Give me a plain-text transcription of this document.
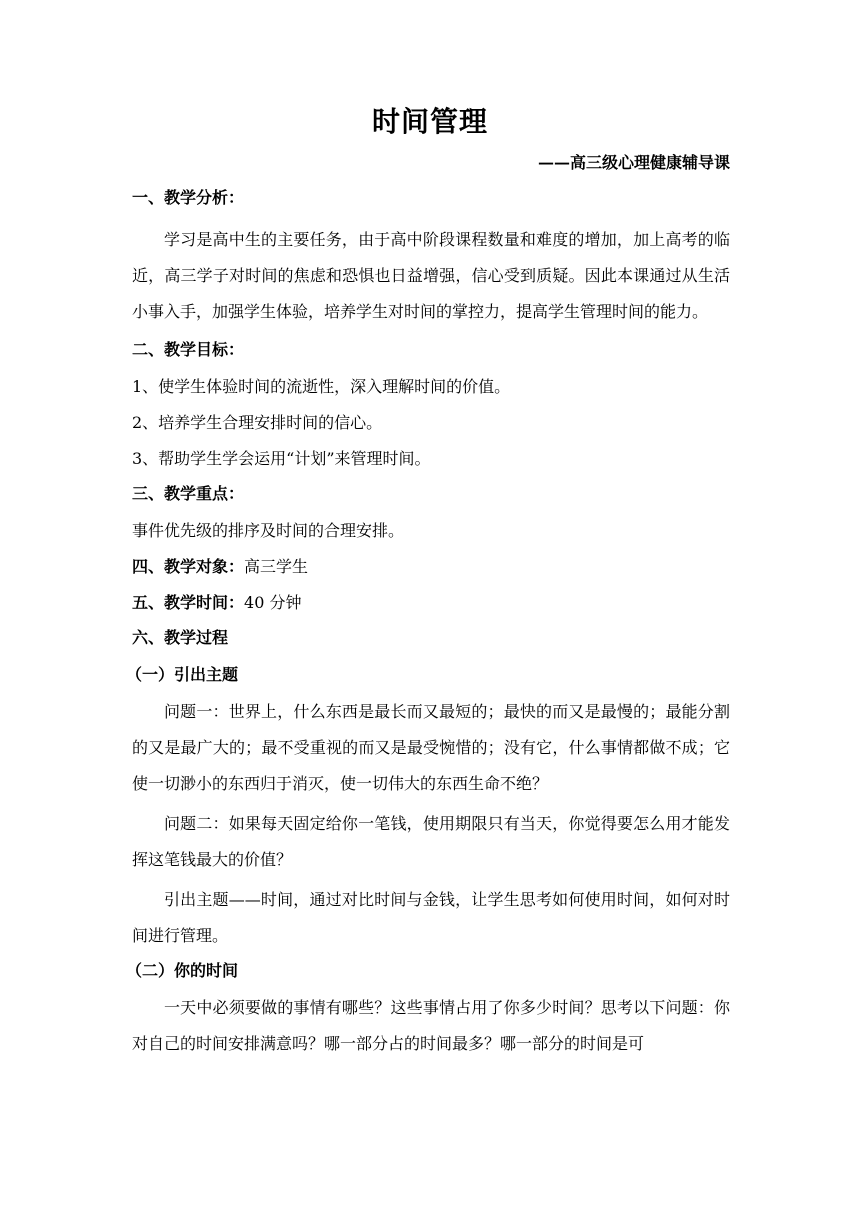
时间管理
——高三级心理健康辅导课
一、教学分析：
学习是高中生的主要任务，由于高中阶段课程数量和难度的增加，加上高考的临近，高三学子对时间的焦虑和恐惧也日益增强，信心受到质疑。因此本课通过从生活小事入手，加强学生体验，培养学生对时间的掌控力，提高学生管理时间的能力。
二、教学目标：
1、使学生体验时间的流逝性，深入理解时间的价值。
2、培养学生合理安排时间的信心。
3、帮助学生学会运用“计划”来管理时间。
三、教学重点：
事件优先级的排序及时间的合理安排。
四、教学对象：高三学生
五、教学时间：40 分钟
六、教学过程
（一）引出主题
问题一：世界上，什么东西是最长而又最短的；最快的而又是最慢的；最能分割的又是最广大的；最不受重视的而又是最受惋惜的；没有它，什么事情都做不成；它使一切渺小的东西归于消灭，使一切伟大的东西生命不绝？
问题二：如果每天固定给你一笔钱，使用期限只有当天，你觉得要怎么用才能发挥这笔钱最大的价值？
引出主题——时间，通过对比时间与金钱，让学生思考如何使用时间，如何对时间进行管理。
（二）你的时间
一天中必须要做的事情有哪些？这些事情占用了你多少时间？思考以下问题：你对自己的时间安排满意吗？哪一部分占的时间最多？哪一部分的时间是可
